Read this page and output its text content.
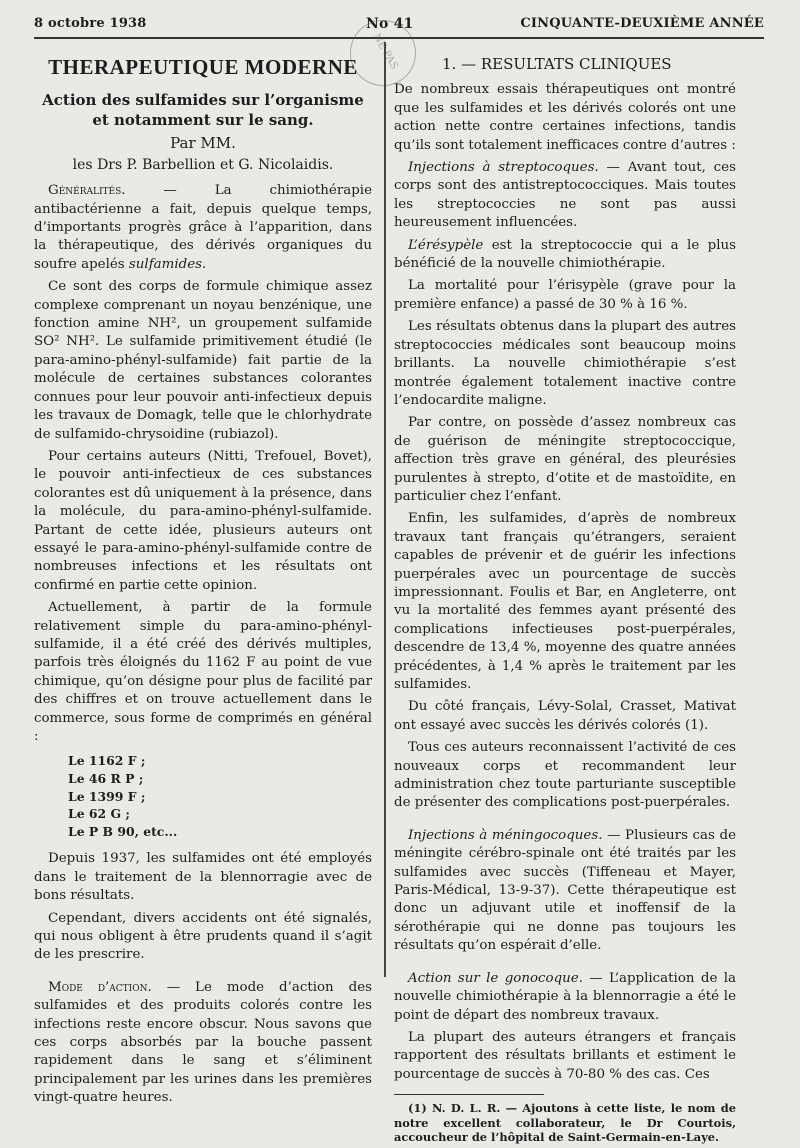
8 octobre 1938	No 41	CINQUANTE-DEUXIÈME ANNÉE
NE PAS
THERAPEUTIQUE MODERNE
Action des sulfamides sur l’organisme et notamment sur le sang.
Par MM.
les Drs P. Barbellion et G. Nicolaidis.

Généralités. — La chimiothérapie antibactérienne a fait, depuis quelque temps, d’importants progrès grâce à l’apparition, dans la thérapeutique, des dérivés organiques du soufre apelés sulfamides.

Ce sont des corps de formule chimique assez complexe comprenant un noyau benzénique, une fonction amine NH², un groupement sulfamide SO² NH². Le sulfamide primitivement étudié (le para-amino-phényl-sulfamide) fait partie de la molécule de certaines substances colorantes connues pour leur pouvoir anti-infectieux depuis les travaux de Domagk, telle que le chlorhydrate de sulfamido-chrysoidine (rubiazol).

Pour certains auteurs (Nitti, Trefouel, Bovet), le pouvoir anti-infectieux de ces substances colorantes est dû uniquement à la présence, dans la molécule, du para-amino-phényl-sulfamide. Partant de cette idée, plusieurs auteurs ont essayé le para-amino-phényl-sulfamide contre de nombreuses infections et les résultats ont confirmé en partie cette opinion.

Actuellement, à partir de la formule relativement simple du para-amino-phényl-sulfamide, il a été créé des dérivés multiples, parfois très éloignés du 1162 F au point de vue chimique, qu’on désigne pour plus de facilité par des chiffres et on trouve actuellement dans le commerce, sous forme de comprimés en général :

Le 1162 F ;
Le 46 R P ;
Le 1399 F ;
Le 62 G ;
Le P B 90, etc...

Depuis 1937, les sulfamides ont été employés dans le traitement de la blennorragie avec de bons résultats.

Cependant, divers accidents ont été signalés, qui nous obligent à être prudents quand il s’agit de les prescrire.

Mode d’action. — Le mode d’action des sulfamides et des produits colorés contre les infections reste encore obscur. Nous savons que ces corps absorbés par la bouche passent rapidement dans le sang et s’éliminent principalement par les urines dans les premières vingt-quatre heures.

1. — RESULTATS CLINIQUES

De nombreux essais thérapeutiques ont montré que les sulfamides et les dérivés colorés ont une action nette contre certaines infections, tandis qu’ils sont totalement inefficaces contre d’autres :

Injections à streptocoques. — Avant tout, ces corps sont des antistreptococciques. Mais toutes les streptococcies ne sont pas aussi heureusement influencées.

L’érésypèle est la streptococcie qui a le plus bénéficié de la nouvelle chimiothérapie.

La mortalité pour l’érisypèle (grave pour la première enfance) a passé de 30 % à 16 %.

Les résultats obtenus dans la plupart des autres streptococcies médicales sont beaucoup moins brillants. La nouvelle chimiothérapie s’est montrée également totalement inactive contre l’endocardite maligne.

Par contre, on possède d’assez nombreux cas de guérison de méningite streptococcique, affection très grave en général, des pleurésies purulentes à strepto, d’otite et de mastoïdite, en particulier chez l’enfant.

Enfin, les sulfamides, d’après de nombreux travaux tant français qu’étrangers, seraient capables de prévenir et de guérir les infections puerpérales avec un pourcentage de succès impressionnant. Foulis et Bar, en Angleterre, ont vu la mortalité des femmes ayant présenté des complications infectieuses post-puerpérales, descendre de 13,4 %, moyenne des quatre années précédentes, à 1,4 % après le traitement par les sulfamides.

Du côté français, Lévy-Solal, Crasset, Mativat ont essayé avec succès les dérivés colorés (1).

Tous ces auteurs reconnaissent l’activité de ces nouveaux corps et recommandent leur administration chez toute parturiante susceptible de présenter des complications post-puerpérales.

Injections à méningocoques. — Plusieurs cas de méningite cérébro-spinale ont été traités par les sulfamides avec succès (Tiffeneau et Mayer, Paris-Médical, 13-9-37). Cette thérapeutique est donc un adjuvant utile et inoffensif de la sérothérapie qui ne donne pas toujours les résultats qu’on espérait d’elle.

Action sur le gonocoque. — L’application de la nouvelle chimiothérapie à la blennorragie a été le point de départ des nombreux travaux.

La plupart des auteurs étrangers et français rapportent des résultats brillants et estiment le pourcentage de succès à 70-80 % des cas. Ces

(1) N. D. L. R. — Ajoutons à cette liste, le nom de notre excellent collaborateur, le Dr Courtois, accoucheur de l’hôpital de Saint-Germain-en-Laye.
